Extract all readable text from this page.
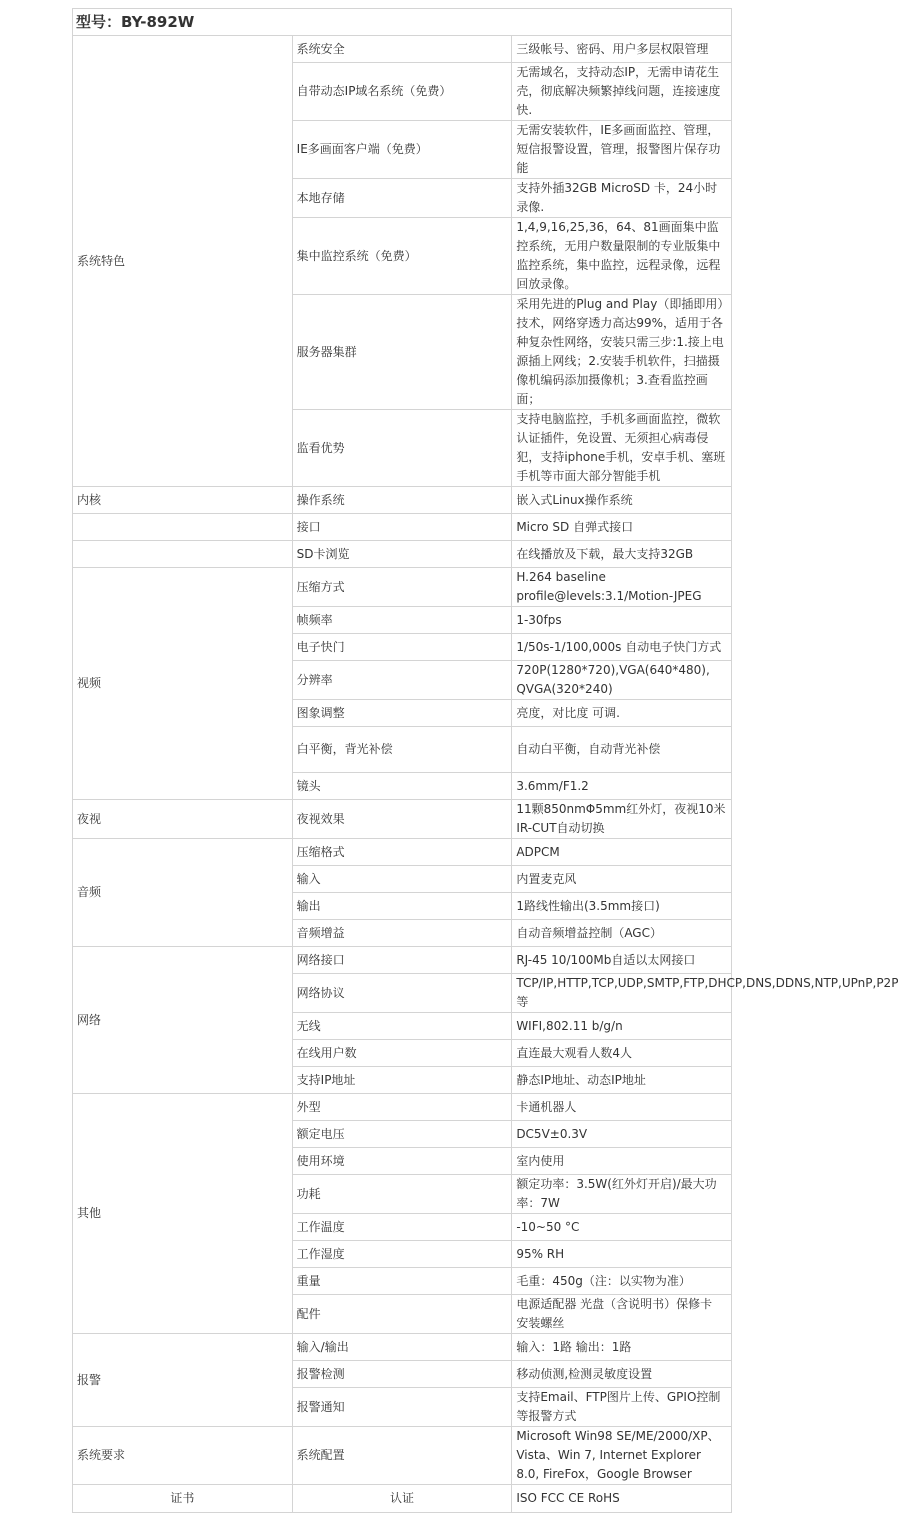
型号：BY-892W		
系统特色	系统安全	三级帐号、密码、用户多层权限管理
	自带动态IP域名系统（免费）	无需域名，支持动态IP，无需申请花生壳，彻底解决频繁掉线问题，连接速度快.
	IE多画面客户端（免费）	无需安装软件，IE多画面监控、管理，短信报警设置，管理，报警图片保存功能
	本地存储	支持外插32GB MicroSD 卡，24小时录像.
	集中监控系统（免费）	1,4,9,16,25,36，64、81画面集中监控系统，无用户数量限制的专业版集中监控系统，集中监控，远程录像，远程回放录像。
	服务器集群	采用先进的Plug and Play（即插即用）技术，网络穿透力高达99%，适用于各种复杂性网络，安装只需三步:1.接上电源插上网线；2.安装手机软件，扫描摄像机编码添加摄像机；3.查看监控画面；
	监看优势	支持电脑监控，手机多画面监控，微软认证插件，免设置、无须担心病毒侵犯，支持iphone手机，安卓手机、塞班手机等市面大部分智能手机
内核	操作系统	嵌入式Linux操作系统
	接口	Micro SD 自弹式接口
	SD卡浏览	在线播放及下载，最大支持32GB
视频	压缩方式	H.264 baseline profile@levels:3.1/Motion-JPEG
	帧频率	1-30fps
	电子快门	1/50s-1/100,000s 自动电子快门方式
	分辨率	720P(1280*720),VGA(640*480), QVGA(320*240)
	图象调整	亮度，对比度 可调.
	白平衡，背光补偿	自动白平衡，自动背光补偿
	镜头	3.6mm/F1.2
夜视	夜视效果	11颗850nmΦ5mm红外灯，夜视10米 IR-CUT自动切换
音频	压缩格式	ADPCM
	输入	内置麦克风
	输出	1路线性输出(3.5mm接口)
	音频增益	自动音频增益控制（AGC）
网络	网络接口	RJ-45 10/100Mb自适以太网接口
	网络协议	TCP/IP,HTTP,TCP,UDP,SMTP,FTP,DHCP,DNS,DDNS,NTP,UPnP,P2P等
	无线	WIFI,802.11 b/g/n
	在线用户数	直连最大观看人数4人
	支持IP地址	静态IP地址、动态IP地址
其他	外型	卡通机器人
	额定电压	DC5V±0.3V
	使用环境	室内使用
	功耗	额定功率：3.5W(红外灯开启)/最大功率：7W
	工作温度	-10~50 °C
	工作湿度	95% RH
	重量	毛重：450g（注：以实物为准）
	配件	电源适配器 光盘（含说明书）保修卡 安装螺丝
报警	输入/输出	输入：1路 输出：1路
	报警检测	移动侦测,检测灵敏度设置
	报警通知	支持Email、FTP图片上传、GPIO控制等报警方式
系统要求	系统配置	Microsoft Win98 SE/ME/2000/XP、Vista、Win 7, Internet Explorer 8.0, FireFox，Google Browser
证书	认证	ISO FCC CE RoHS
